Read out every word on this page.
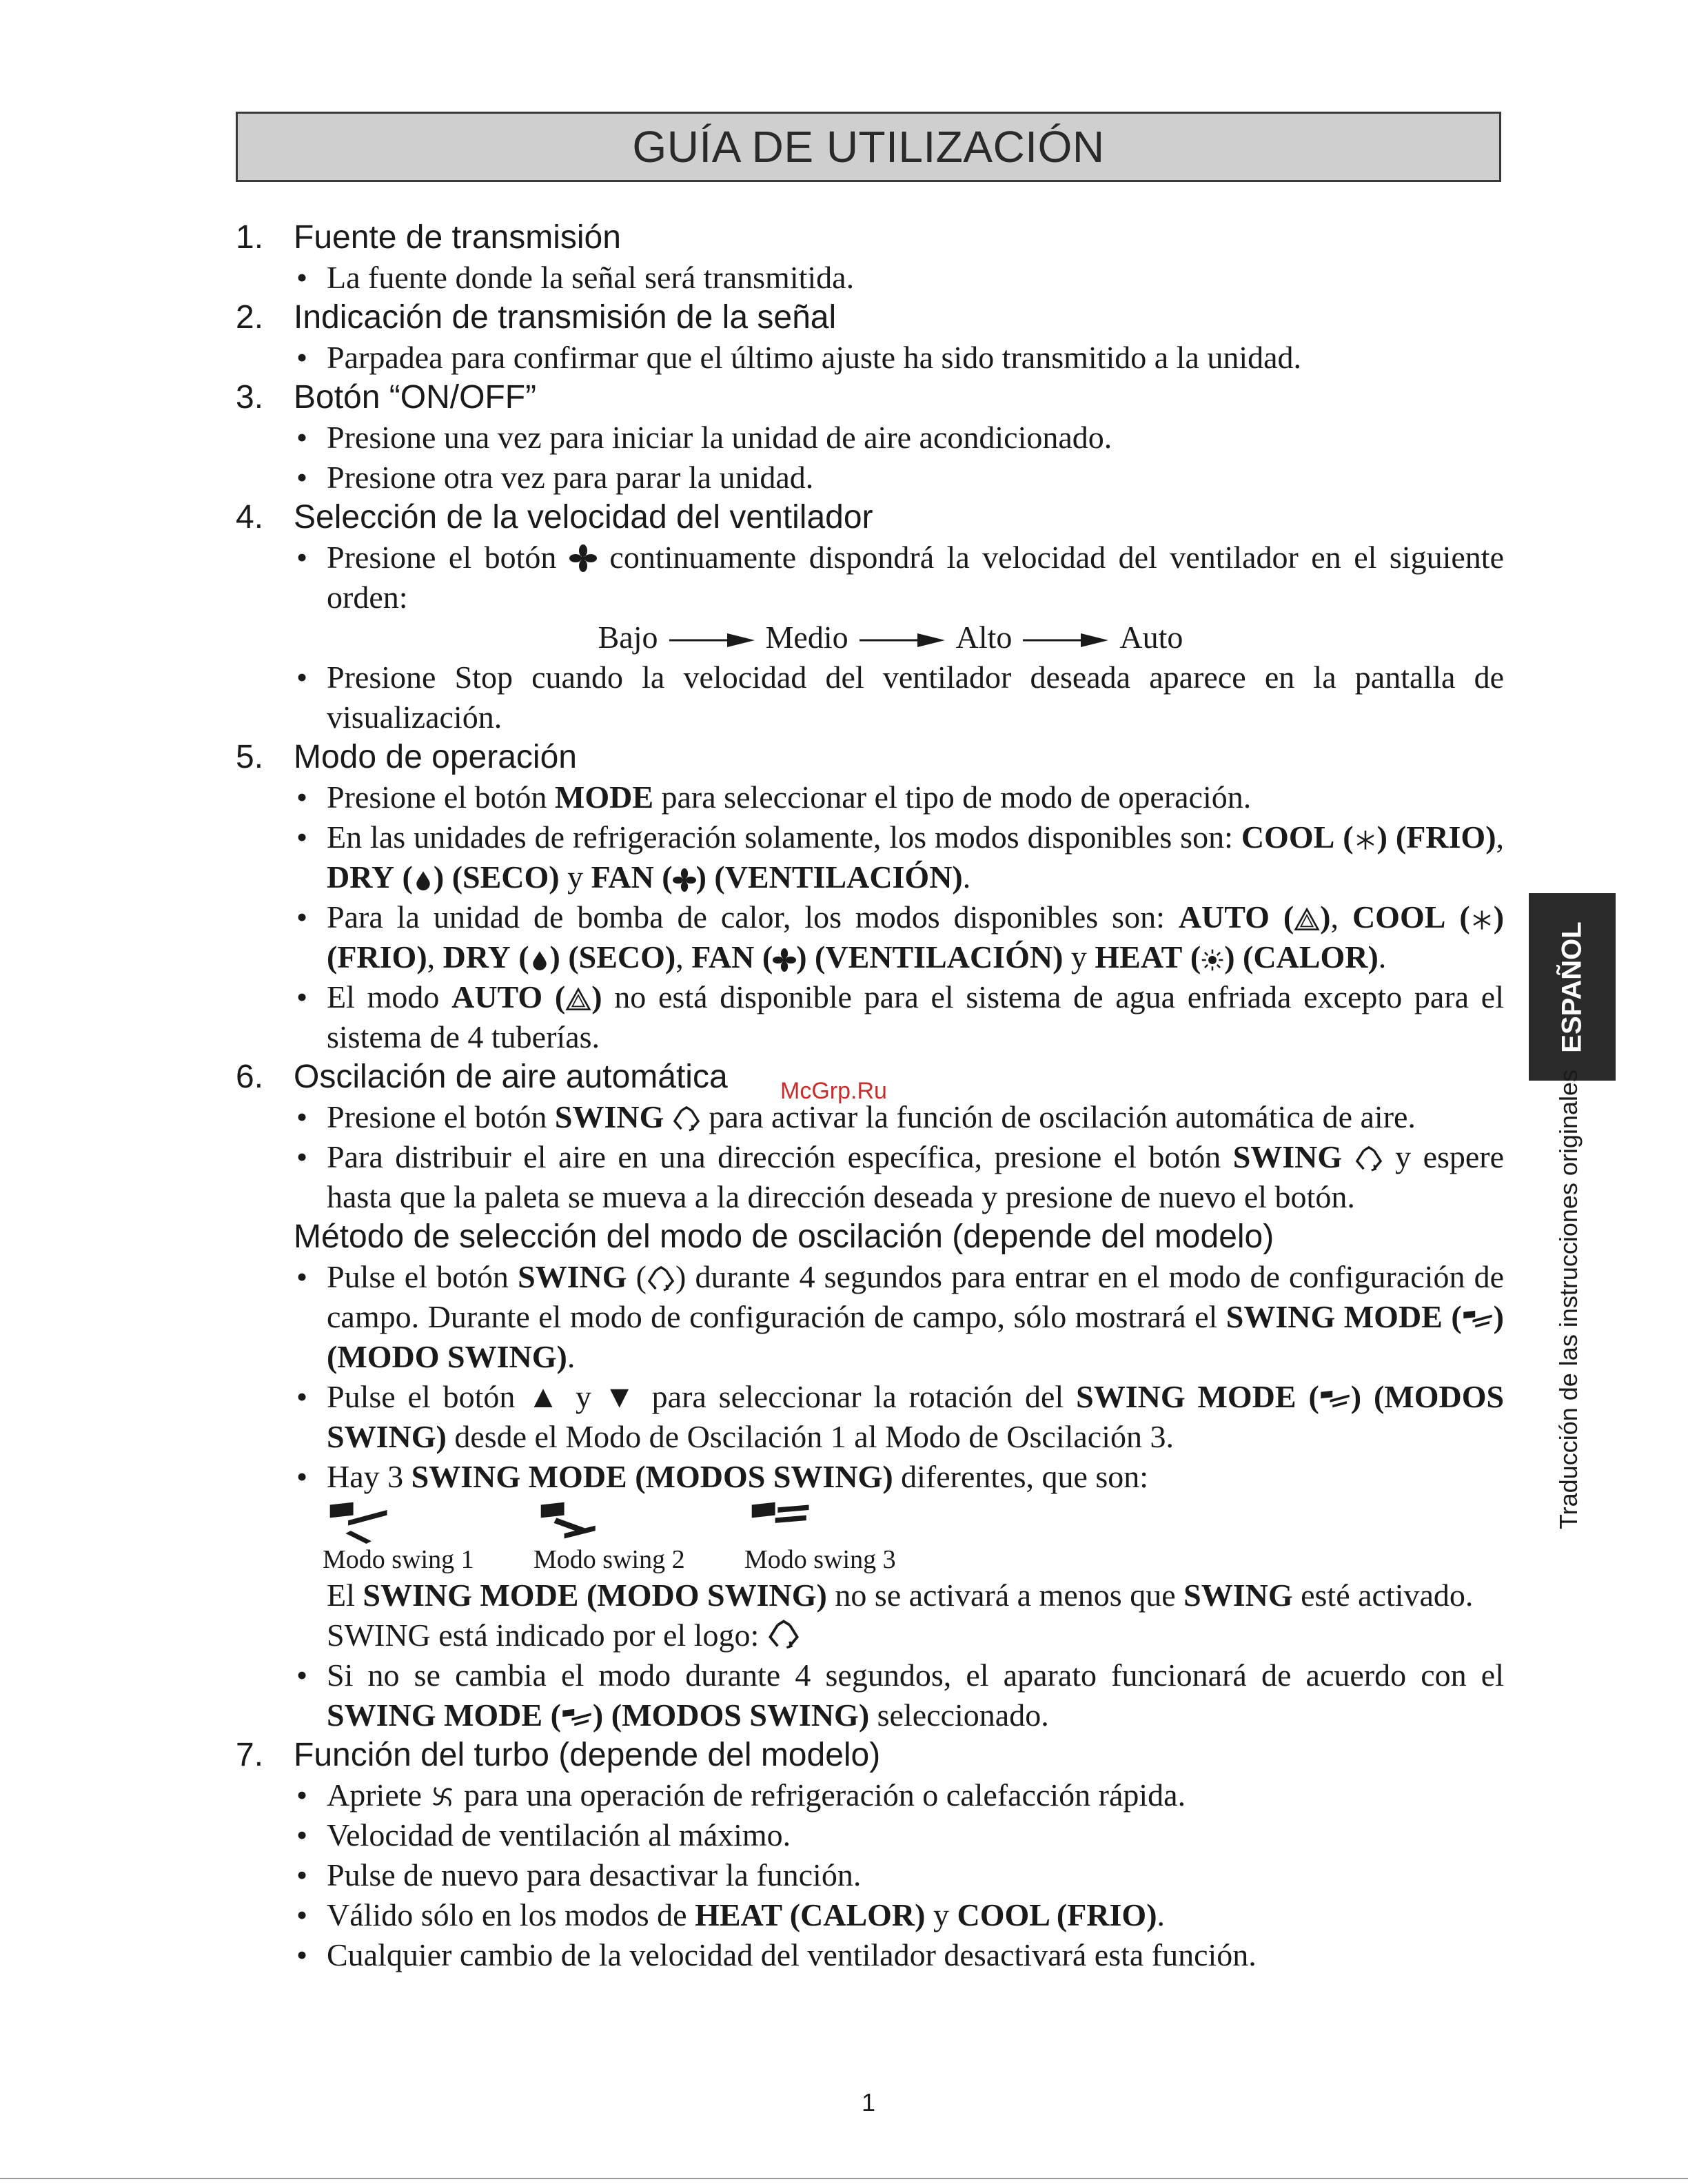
GUÍA DE UTILIZACIÓN
McGrp.Ru
ESPAÑOL
Traducción de las instrucciones originales
1. Fuente de transmisión
• La fuente donde la señal será transmitida.
2. Indicación de transmisión de la señal
• Parpadea para confirmar que el último ajuste ha sido transmitido a la unidad.
3. Botón “ON/OFF”
• Presione una vez para iniciar la unidad de aire acondicionado.
• Presione otra vez para parar la unidad.
4. Selección de la velocidad del ventilador
• Presione el botón continuamente dispondrá la velocidad del ventilador en el siguiente orden:
Bajo	Medio	Alto	Auto
• Presione Stop cuando la velocidad del ventilador deseada aparece en la pantalla de visualización.
5. Modo de operación
• Presione el botón MODE para seleccionar el tipo de modo de operación.
• En las unidades de refrigeración solamente, los modos disponibles son: COOL ( ) (FRIO), DRY ( ) (SECO) y FAN ( ) (VENTILACIÓN).
• Para la unidad de bomba de calor, los modos disponibles son: AUTO ( ), COOL ( ) (FRIO), DRY ( ) (SECO), FAN ( ) (VENTILACIÓN) y HEAT ( ) (CALOR).
• El modo AUTO ( ) no está disponible para el sistema de agua enfriada excepto para el sistema de 4 tuberías.
6. Oscilación de aire automática
• Presione el botón SWING para activar la función de oscilación automática de aire.
• Para distribuir el aire en una dirección específica, presione el botón SWING y espere hasta que la paleta se mueva a la dirección deseada y presione de nuevo el botón.
Método de selección del modo de oscilación (depende del modelo)
• Pulse el botón SWING ( ) durante 4 segundos para entrar en el modo de configuración de campo. Durante el modo de configuración de campo, sólo mostrará el SWING MODE ( ) (MODO SWING).
• Pulse el botón ▲ y ▼ para seleccionar la rotación del SWING MODE ( ) (MODOS SWING) desde el Modo de Oscilación 1 al Modo de Oscilación 3.
• Hay 3 SWING MODE (MODOS SWING) diferentes, que son:
Modo swing 1	Modo swing 2	Modo swing 3
El SWING MODE (MODO SWING) no se activará a menos que SWING esté activado.
SWING está indicado por el logo:
• Si no se cambia el modo durante 4 segundos, el aparato funcionará de acuerdo con el SWING MODE ( ) (MODOS SWING) seleccionado.
7. Función del turbo (depende del modelo)
• Apriete para una operación de refrigeración o calefacción rápida.
• Velocidad de ventilación al máximo.
• Pulse de nuevo para desactivar la función.
• Válido sólo en los modos de HEAT (CALOR) y COOL (FRIO).
• Cualquier cambio de la velocidad del ventilador desactivará esta función.
1
